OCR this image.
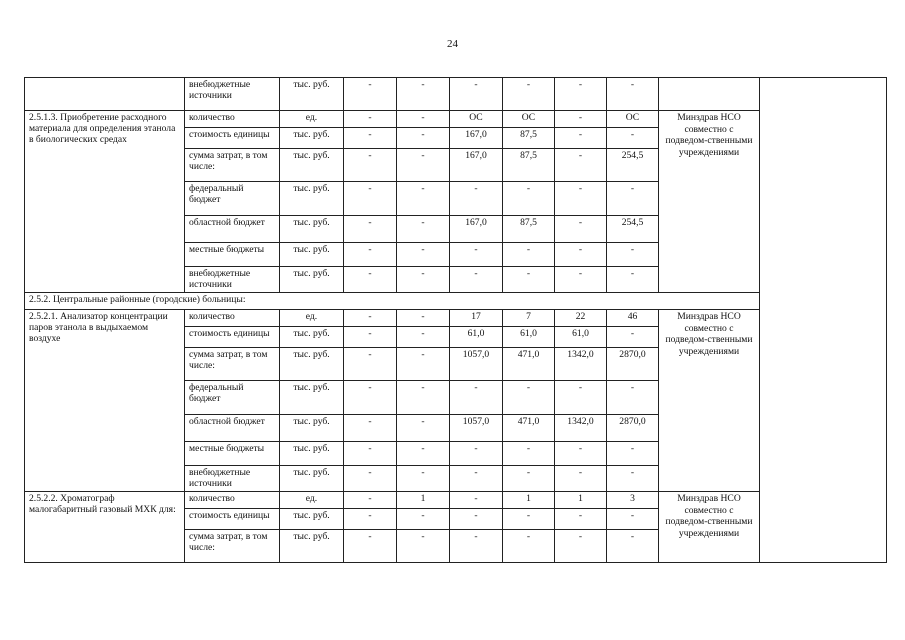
24
	внебюджетные источники	тыс. руб.	-	-	-	-	-	-		
2.5.1.3. Приобретение расходного материала для определения этанола в биологических средах	количество	ед.	-	-	ОС	ОС	-	ОС	Минздрав НСО совместно с подведом-ственными учреждениями	
	стоимость единицы	тыс. руб.	-	-	167,0	87,5	-	-		
	сумма затрат, в том числе:	тыс. руб.	-	-	167,0	87,5	-	254,5		
	федеральный бюджет	тыс. руб.	-	-	-	-	-	-		
	областной бюджет	тыс. руб.	-	-	167,0	87,5	-	254,5		
	местные бюджеты	тыс. руб.	-	-	-	-	-	-		
	внебюджетные источники	тыс. руб.	-	-	-	-	-	-		
2.5.2. Центральные районные (городские) больницы:										
2.5.2.1. Анализатор концентрации паров этанола в выдыхаемом воздухе	количество	ед.	-	-	17	7	22	46	Минздрав НСО совместно с подведом-ственными учреждениями	
	стоимость единицы	тыс. руб.	-	-	61,0	61,0	61,0	-		
	сумма затрат, в том числе:	тыс. руб.	-	-	1057,0	471,0	1342,0	2870,0		
	федеральный бюджет	тыс. руб.	-	-	-	-	-	-		
	областной бюджет	тыс. руб.	-	-	1057,0	471,0	1342,0	2870,0		
	местные бюджеты	тыс. руб.	-	-	-	-	-	-		
	внебюджетные источники	тыс. руб.	-	-	-	-	-	-		
2.5.2.2. Хроматограф малогабаритный газовый МХК для:	количество	ед.	-	1	-	1	1	3	Минздрав НСО совместно с подведом-ственными учреждениями	
	стоимость единицы	тыс. руб.	-	-	-	-	-	-		
	сумма затрат, в том числе:	тыс. руб.	-	-	-	-	-	-		
